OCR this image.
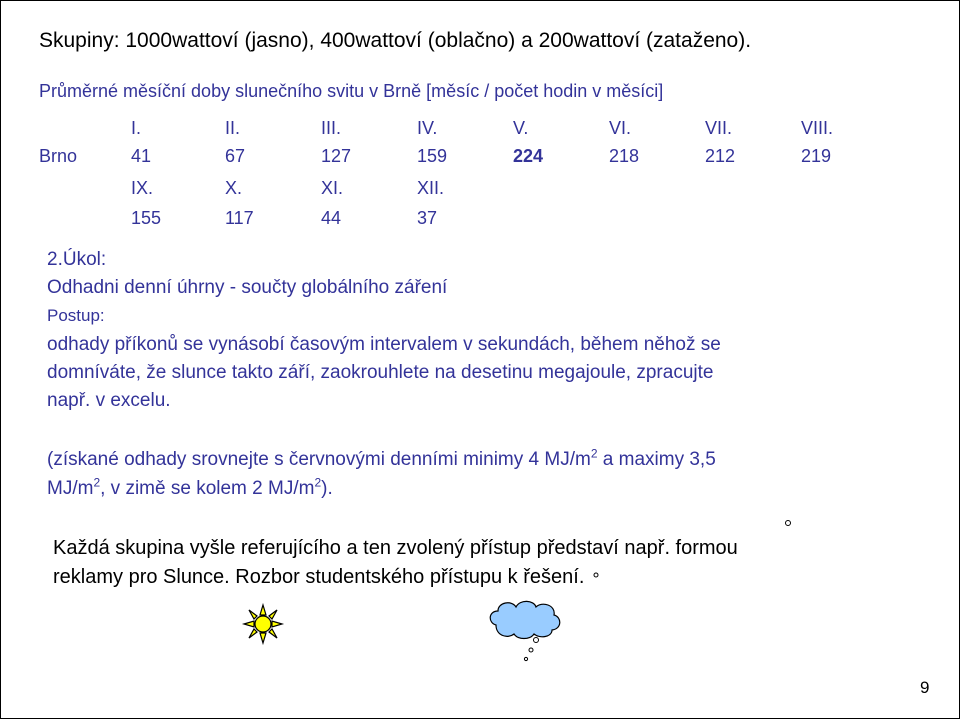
Skupiny: 1000wattoví (jasno), 400wattoví (oblačno) a 200wattoví (zataženo).
Průměrné měsíční doby slunečního svitu v Brně [měsíc / počet hodin v měsíci]
Brno
I.	II.	III.	IV.	V.	VI.	VII.	VIII.
41	67	127	159	224	218	212	219
IX.	X.	XI.	XII.
155	117	44	37
2.Úkol:
Odhadni denní úhrny - součty globálního záření
Postup:
odhady příkonů se vynásobí časovým intervalem v sekundách, během něhož se
domníváte, že slunce takto září, zaokrouhlete na desetinu megajoule, zpracujte
např. v excelu.
(získané odhady srovnejte s červnovými denními minimy 4 $MJ/m^2$ a maximy 3,5
$MJ/m^2$, v zimě se kolem 2 $MJ/m^2$).
Každá skupina vyšle referujícího a ten zvolený přístup představí např. formou
reklamy pro Slunce. Rozbor studentského přístupu k řešení.
9
